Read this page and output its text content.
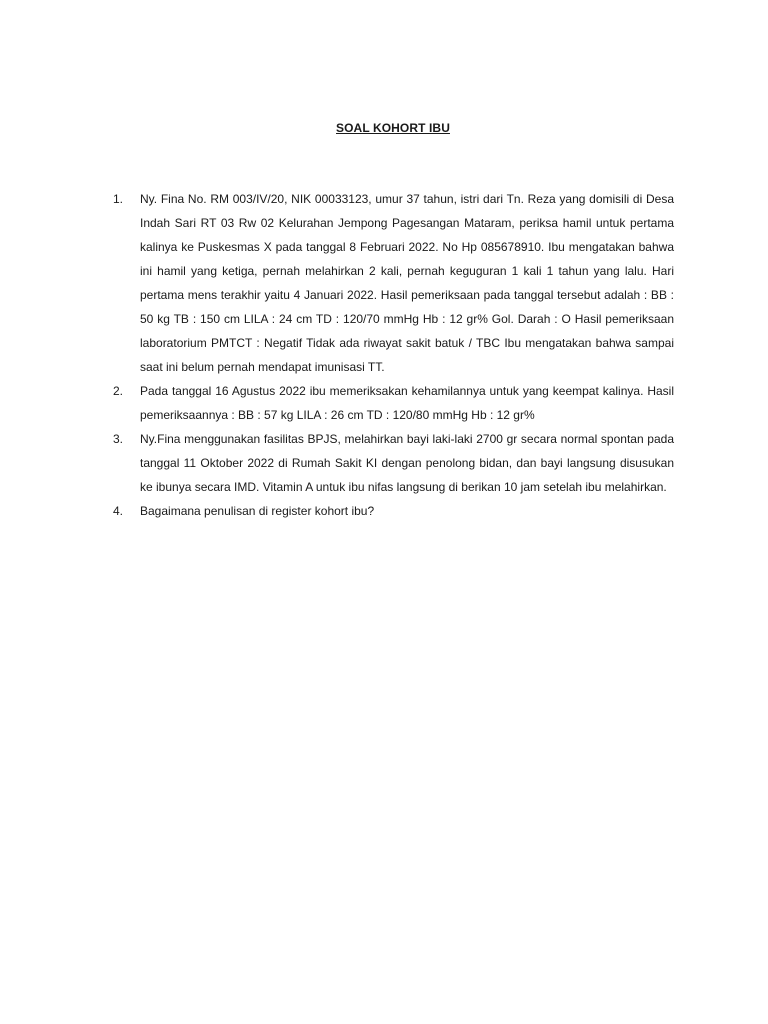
SOAL KOHORT IBU
1.	Ny. Fina No. RM 003/IV/20, NIK 00033123, umur 37 tahun, istri dari Tn. Reza yang domisili di Desa Indah Sari RT 03 Rw 02 Kelurahan Jempong Pagesangan Mataram, periksa hamil untuk pertama kalinya ke Puskesmas X pada tanggal 8 Februari 2022. No Hp 085678910. Ibu mengatakan bahwa ini hamil yang ketiga, pernah melahirkan 2 kali, pernah keguguran 1 kali 1 tahun yang lalu. Hari pertama mens terakhir yaitu 4 Januari 2022. Hasil pemeriksaan pada tanggal tersebut adalah : BB : 50 kg TB : 150 cm LILA : 24 cm TD : 120/70 mmHg Hb : 12 gr% Gol. Darah : O Hasil pemeriksaan laboratorium PMTCT : Negatif Tidak ada riwayat sakit batuk / TBC Ibu mengatakan bahwa sampai saat ini belum pernah mendapat imunisasi TT.
2.	Pada tanggal 16 Agustus 2022 ibu memeriksakan kehamilannya untuk yang keempat kalinya. Hasil pemeriksaannya : BB : 57 kg LILA : 26 cm TD : 120/80 mmHg Hb : 12 gr%
3.	Ny.Fina menggunakan fasilitas BPJS, melahirkan bayi laki-laki 2700 gr secara normal spontan pada tanggal 11 Oktober 2022 di Rumah Sakit KI dengan penolong bidan, dan bayi langsung disusukan ke ibunya secara IMD. Vitamin A untuk ibu nifas langsung di berikan 10 jam setelah ibu melahirkan.
4.	Bagaimana penulisan di register kohort ibu?
